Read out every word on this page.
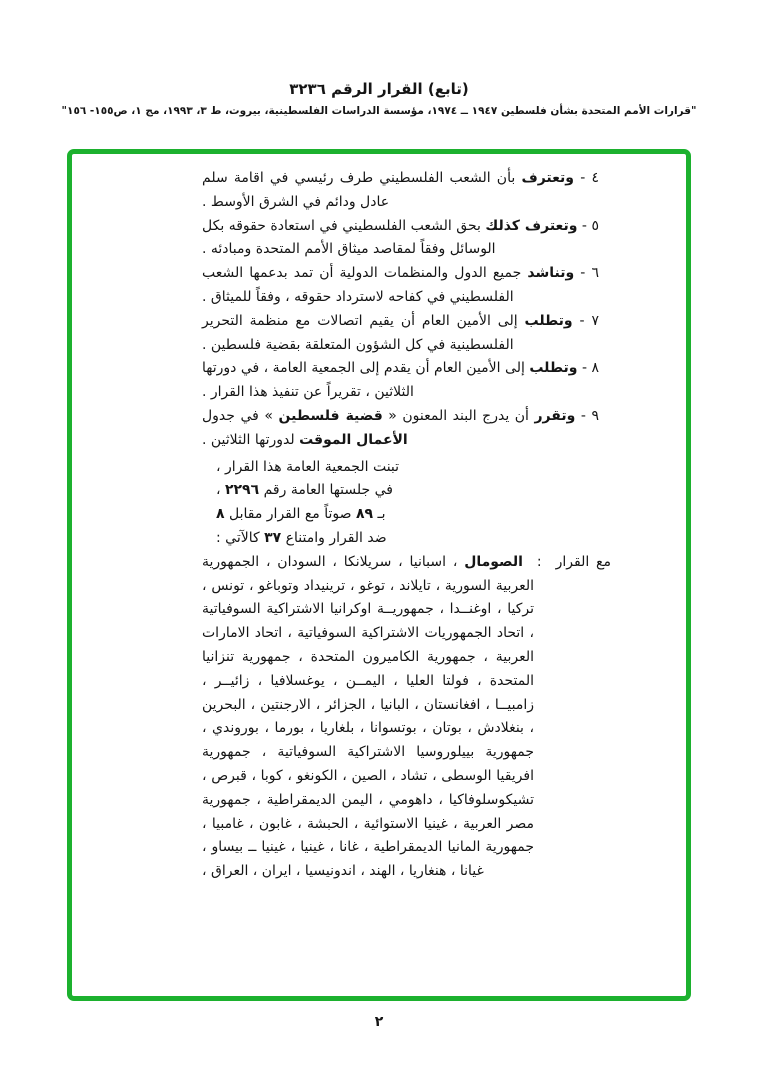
(تابع) القرار الرقم ٣٢٣٦
"قرارات الأمم المتحدة بشأن فلسطين ١٩٤٧ ــ ١٩٧٤، مؤسسة الدراسات الفلسطينية، بيروت، ط ٣، ١٩٩٣، مج ١، ص١٥٥- ١٥٦"

٤ - وتعترف بأن الشعب الفلسطيني طرف رئيسي في اقامة سلم عادل ودائم في الشرق الأوسط .

٥ - وتعترف كذلك بحق الشعب الفلسطيني في استعادة حقوقه بكل الوسائل وفقاً لمقاصد ميثاق الأمم المتحدة ومبادئه .

٦ - وتناشد جميع الدول والمنظمات الدولية أن تمد بدعمها الشعب الفلسطيني في كفاحه لاسترداد حقوقه ، وفقاً للميثاق .

٧ - وتطلب إلى الأمين العام أن يقيم اتصالات مع منظمة التحرير الفلسطينية في كل الشؤون المتعلقة بقضية فلسطين .

٨ - وتطلب إلى الأمين العام أن يقدم إلى الجمعية العامة ، في دورتها الثلاثين ، تقريراً عن تنفيذ هذا القرار .

٩ - وتقرر أن يدرج البند المعنون « قضية فلسطين » في جدول الأعمال الموقت لدورتها الثلاثين .

تبنت الجمعية العامة هذا القرار ،
في جلستها العامة رقم ٢٢٩٦ ،
بـ ٨٩ صوتاً مع القرار مقابل ٨
ضد القرار وامتناع ٣٧ كالآتي :

مع القرار:الصومال ، اسبانيا ، سريلانكا ، السودان ، الجمهورية العربية السورية ، تايلاند ، توغو ، ترينيداد وتوباغو ، تونس ، تركيا ، اوغنــدا ، جمهوريــة اوكرانيا الاشتراكية السوفياتية ، اتحاد الجمهوريات الاشتراكية السوفياتية ، اتحاد الامارات العربية ، جمهورية الكاميرون المتحدة ، جمهورية تنزانيا المتحدة ، فولتا العليا ، اليمــن ، يوغسلافيا ، زائيــر ، زامبيــا ، افغانستان ، البانيا ، الجزائر ، الارجنتين ، البحرين ، بنغلادش ، بوتان ، بوتسوانا ، بلغاريا ، بورما ، بوروندي ، جمهورية بييلوروسيا الاشتراكية السوفياتية ، جمهورية افريقيا الوسطى ، تشاد ، الصين ، الكونغو ، كوبا ، قبرص ، تشيكوسلوفاكيا ، داهومي ، اليمن الديمقراطية ، جمهورية مصر العربية ، غينيا الاستوائية ، الحبشة ، غابون ، غامبيا ، جمهورية المانيا الديمقراطية ، غانا ، غينيا ، غينيا ــ بيساو ، غيانا ، هنغاريا ، الهند ، اندونيسيا ، ايران ، العراق ،

٢
